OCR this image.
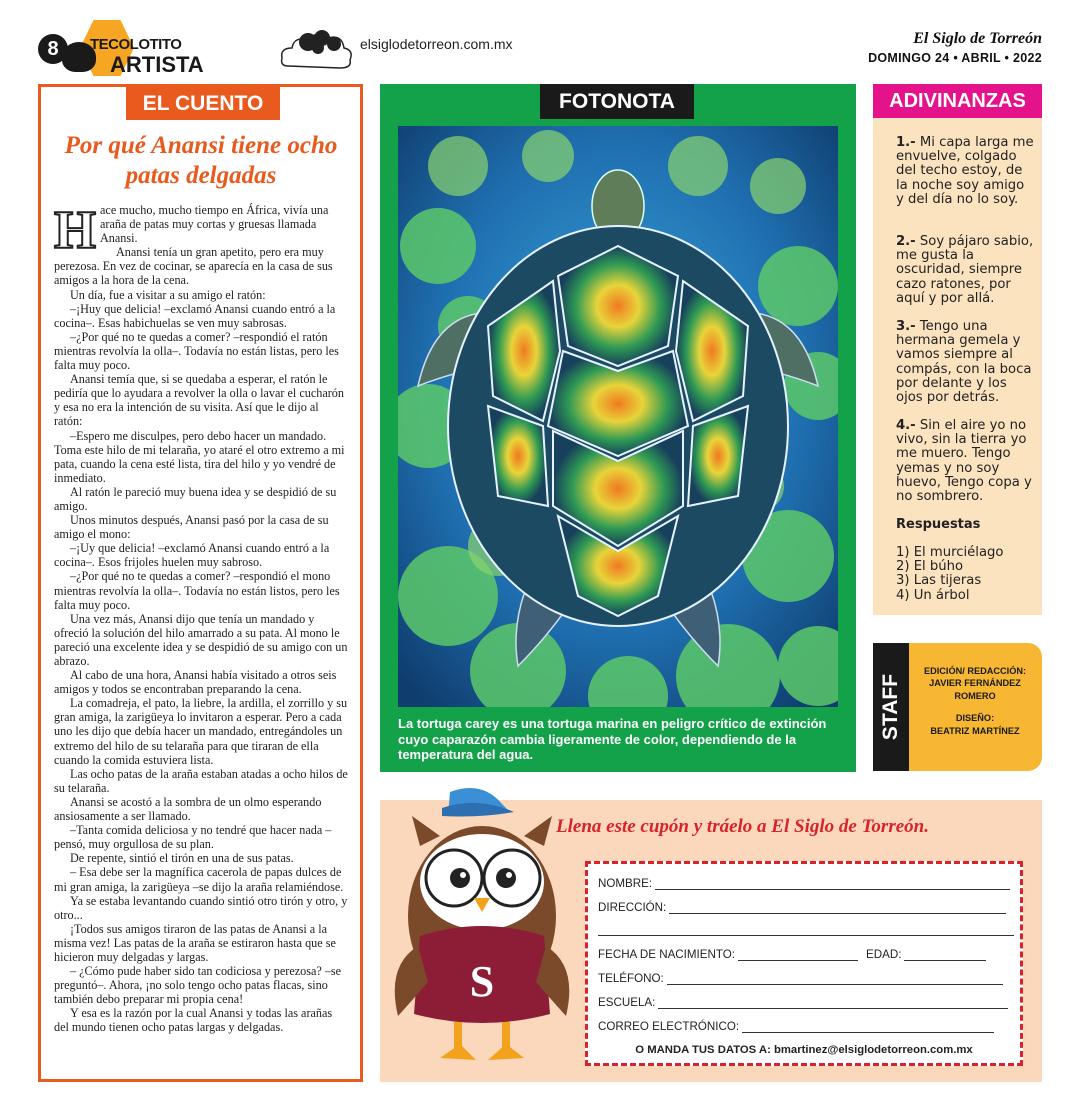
8	TECOLOTITO
ARTISTA
elsiglodetorreon.com.mx	El Siglo de Torreón
DOMINGO 24 • ABRIL • 2022
EL CUENTO
Por qué Anansi tiene ocho patas delgadas
H ace mucho, mucho tiempo en África, vivía una araña de patas muy cortas y gruesas llamada Anansi.

Anansi tenía un gran apetito, pero era muy perezosa. En vez de cocinar, se aparecía en la casa de sus amigos a la hora de la cena.

Un día, fue a visitar a su amigo el ratón:

–¡Huy que delicia! –exclamó Anansi cuando entró a la cocina–. Esas habichuelas se ven muy sabrosas.

–¿Por qué no te quedas a comer? –respondió el ratón mientras revolvía la olla–. Todavía no están listas, pero les falta muy poco.

Anansi temía que, si se quedaba a esperar, el ratón le pediría que lo ayudara a revolver la olla o lavar el cucharón y esa no era la intención de su visita. Así que le dijo al ratón:

–Espero me disculpes, pero debo hacer un mandado. Toma este hilo de mi telaraña, yo ataré el otro extremo a mi pata, cuando la cena esté lista, tira del hilo y yo vendré de inmediato.

Al ratón le pareció muy buena idea y se despidió de su amigo.

Unos minutos después, Anansi pasó por la casa de su amigo el mono:

–¡Uy que delicia! –exclamó Anansi cuando entró a la cocina–. Esos frijoles huelen muy sabroso.

–¿Por qué no te quedas a comer? –respondió el mono mientras revolvía la olla–. Todavía no están listos, pero les falta muy poco.

Una vez más, Anansi dijo que tenía un mandado y ofreció la solución del hilo amarrado a su pata. Al mono le pareció una excelente idea y se despidió de su amigo con un abrazo.

Al cabo de una hora, Anansi había visitado a otros seis amigos y todos se encontraban preparando la cena.

La comadreja, el pato, la liebre, la ardilla, el zorrillo y su gran amiga, la zarigüeya lo invitaron a esperar. Pero a cada uno les dijo que debía hacer un mandado, entregándoles un extremo del hilo de su telaraña para que tiraran de ella cuando la comida estuviera lista.

Las ocho patas de la araña estaban atadas a ocho hilos de su telaraña.

Anansi se acostó a la sombra de un olmo esperando ansiosamente a ser llamado.

–Tanta comida deliciosa y no tendré que hacer nada –pensó, muy orgullosa de su plan.

De repente, sintió el tirón en una de sus patas.

– Esa debe ser la magnífica cacerola de papas dulces de mi gran amiga, la zarigüeya –se dijo la araña relamiéndose.

Ya se estaba levantando cuando sintió otro tirón y otro, y otro...

¡Todos sus amigos tiraron de las patas de Anansi a la misma vez! Las patas de la araña se estiraron hasta que se hicieron muy delgadas y largas.

– ¿Cómo pude haber sido tan codiciosa y perezosa? –se preguntó–. Ahora, ¡no solo tengo ocho patas flacas, sino también debo preparar mi propia cena!

Y esa es la razón por la cual Anansi y todas las arañas del mundo tienen ocho patas largas y delgadas.

FOTONOTA

La tortuga carey es una tortuga marina en peligro crítico de extinción cuyo caparazón cambia ligeramente de color, dependiendo de la temperatura del agua.

ADIVINANZAS

1.- Mi capa larga me envuelve, colgado del techo estoy, de la noche soy amigo y del día no lo soy.

2.- Soy pájaro sabio, me gusta la oscuridad, siempre cazo ratones, por aquí y por allá.

3.- Tengo una hermana gemela y vamos siempre al compás, con la boca por delante y los ojos por detrás.

4.- Sin el aire yo no vivo, sin la tierra yo me muero. Tengo yemas y no soy huevo, Tengo copa y no sombrero.

Respuestas
1) El murciélago
2) El búho
3) Las tijeras
4) Un árbol
STAFF
EDICIÓN/ REDACCIÓN:
JAVIER FERNÁNDEZ ROMERO
DISEÑO:
BEATRIZ MARTÍNEZ
Llena este cupón y tráelo a El Siglo de Torreón.
S
NOMBRE:
DIRECCIÓN:
FECHA DE NACIMIENTO:	EDAD:
TELÉFONO:
ESCUELA:
CORREO ELECTRÓNICO:
O MANDA TUS DATOS A: bmartinez@elsiglodetorreon.com.mx
